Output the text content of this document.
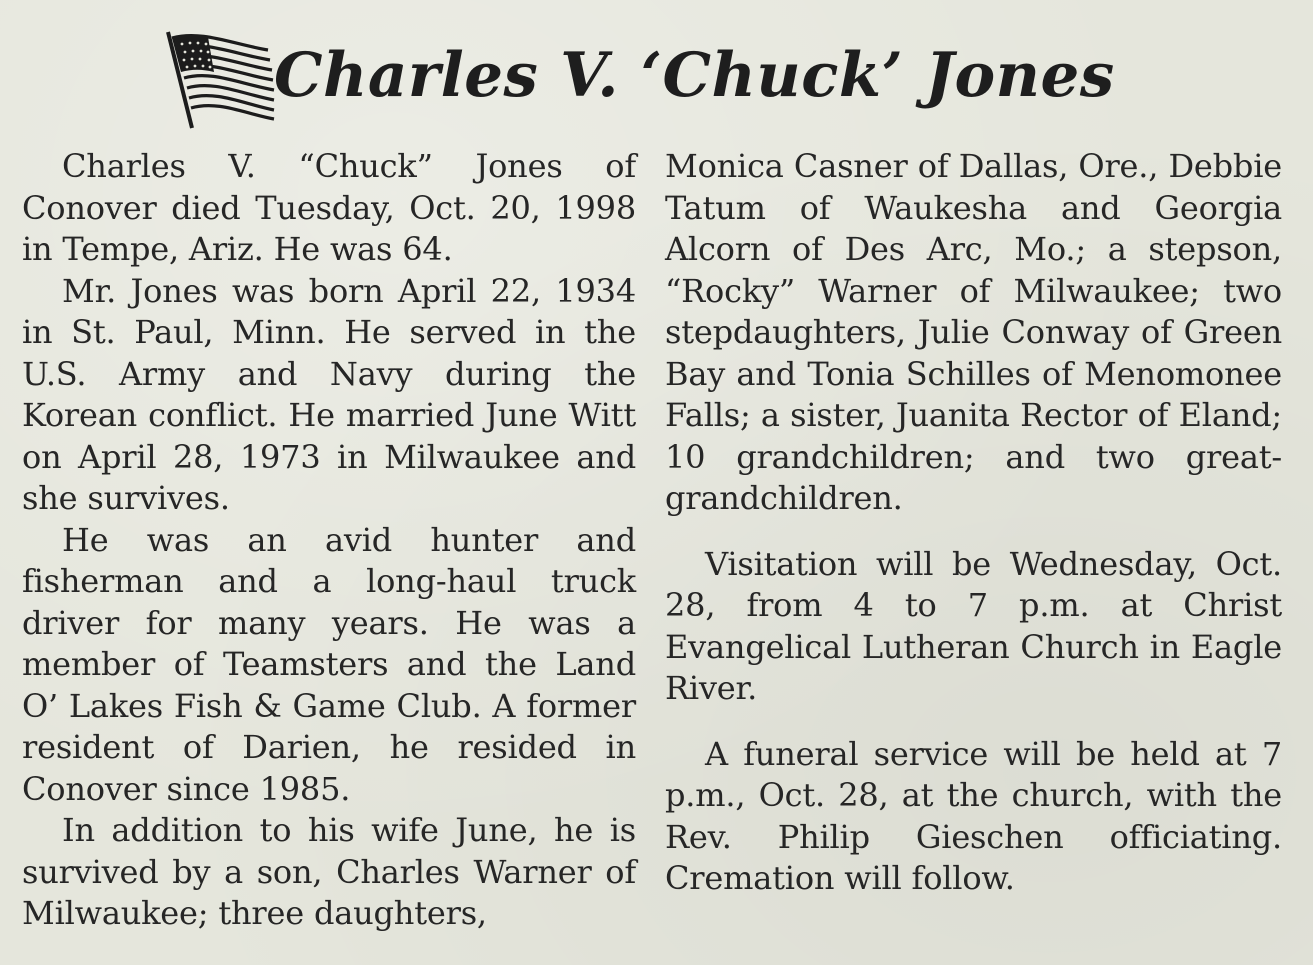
Charles V. ‘Chuck’ Jones

Charles V. “Chuck” Jones of Conover died Tuesday, Oct. 20, 1998 in Tempe, Ariz. He was 64.

Mr. Jones was born April 22, 1934 in St. Paul, Minn. He served in the U.S. Army and Navy during the Korean conflict. He married June Witt on April 28, 1973 in Milwaukee and she survives.

He was an avid hunter and fisherman and a long-haul truck driver for many years. He was a member of Teamsters and the Land O’ Lakes Fish & Game Club. A former resident of Darien, he resided in Conover since 1985.

In addition to his wife June, he is survived by a son, Charles Warner of Milwaukee; three daughters,

Monica Casner of Dallas, Ore., Debbie Tatum of Waukesha and Georgia Alcorn of Des Arc, Mo.; a stepson, “Rocky” Warner of Milwaukee; two stepdaughters, Julie Conway of Green Bay and Tonia Schilles of Menomonee Falls; a sister, Juanita Rector of Eland; 10 grandchildren; and two great-grandchildren.

Visitation will be Wednesday, Oct. 28, from 4 to 7 p.m. at Christ Evangelical Lutheran Church in Eagle River.

A funeral service will be held at 7 p.m., Oct. 28, at the church, with the Rev. Philip Gieschen officiating. Cremation will follow.
